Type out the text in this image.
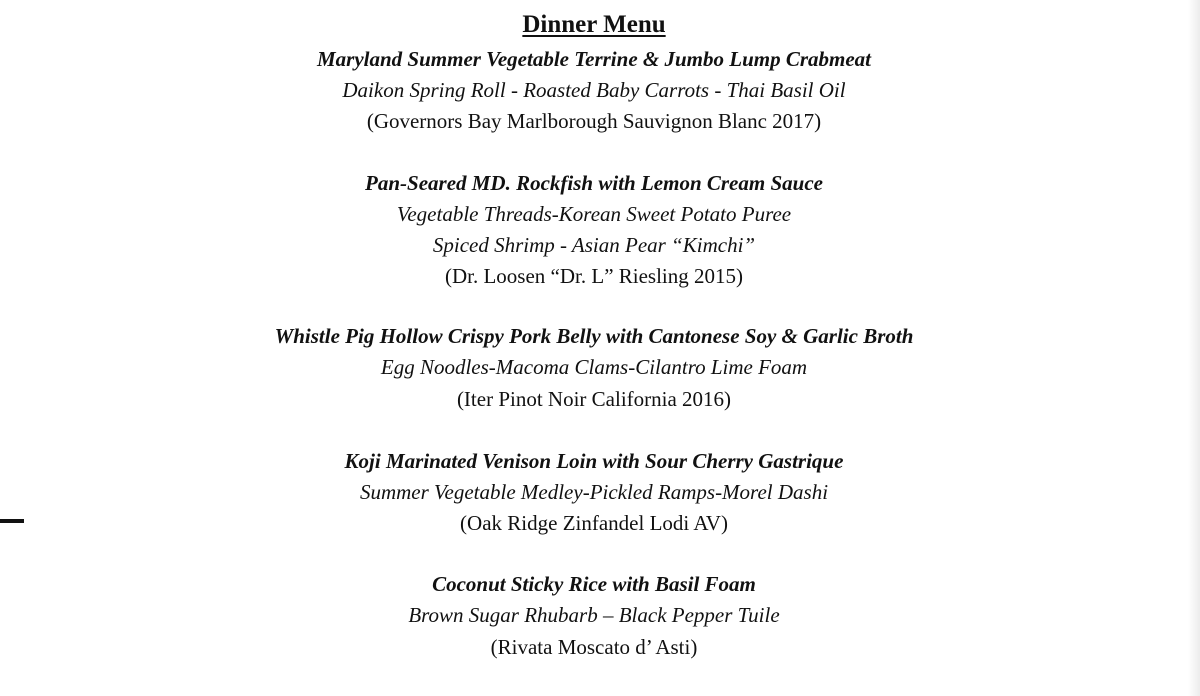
Dinner Menu
Maryland Summer Vegetable Terrine & Jumbo Lump Crabmeat
Daikon Spring Roll - Roasted Baby Carrots - Thai Basil Oil
(Governors Bay Marlborough Sauvignon Blanc 2017)
Pan-Seared MD. Rockfish with Lemon Cream Sauce
Vegetable Threads-Korean Sweet Potato Puree
Spiced Shrimp - Asian Pear “Kimchi”
(Dr. Loosen “Dr. L” Riesling 2015)
Whistle Pig Hollow Crispy Pork Belly with Cantonese Soy & Garlic Broth
Egg Noodles-Macoma Clams-Cilantro Lime Foam
(Iter Pinot Noir California 2016)
Koji Marinated Venison Loin with Sour Cherry Gastrique
Summer Vegetable Medley-Pickled Ramps-Morel Dashi
(Oak Ridge Zinfandel Lodi AV)
Coconut Sticky Rice with Basil Foam
Brown Sugar Rhubarb – Black Pepper Tuile
(Rivata Moscato d’ Asti)
